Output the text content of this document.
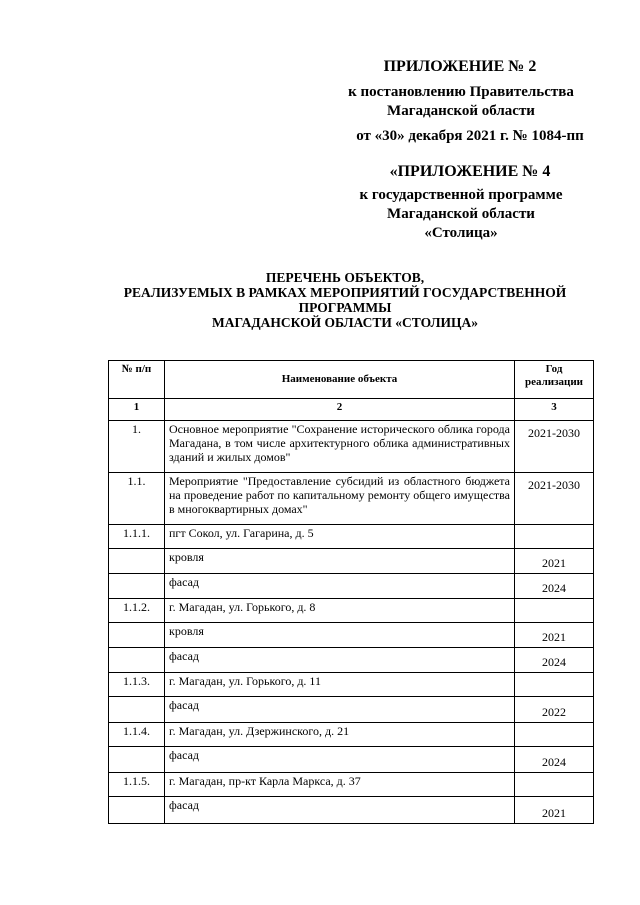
ПРИЛОЖЕНИЕ № 2
к постановлению Правительства
Магаданской области
от «30» декабря 2021 г. № 1084-пп
«ПРИЛОЖЕНИЕ № 4
к государственной программе
Магаданской области
«Столица»
ПЕРЕЧЕНЬ ОБЪЕКТОВ,
РЕАЛИЗУЕМЫХ В РАМКАХ МЕРОПРИЯТИЙ ГОСУДАРСТВЕННОЙ
ПРОГРАММЫ
МАГАДАНСКОЙ ОБЛАСТИ «СТОЛИЦА»
№ п/п	Наименование объекта	Год реализации
1	2	3
1.	Основное мероприятие "Сохранение исторического облика города Магадана, в том числе архитектурного облика административных зданий и жилых домов"	2021-2030
1.1.	Мероприятие "Предоставление субсидий из областного бюджета на проведение работ по капитальному ремонту общего имущества в многоквартирных домах"	2021-2030
1.1.1.	пгт Сокол, ул. Гагарина, д. 5	
	кровля	2021
	фасад	2024
1.1.2.	г. Магадан, ул. Горького, д. 8	
	кровля	2021
	фасад	2024
1.1.3.	г. Магадан, ул. Горького, д. 11	
	фасад	2022
1.1.4.	г. Магадан, ул. Дзержинского, д. 21	
	фасад	2024
1.1.5.	г. Магадан, пр-кт Карла Маркса, д. 37	
	фасад	2021
